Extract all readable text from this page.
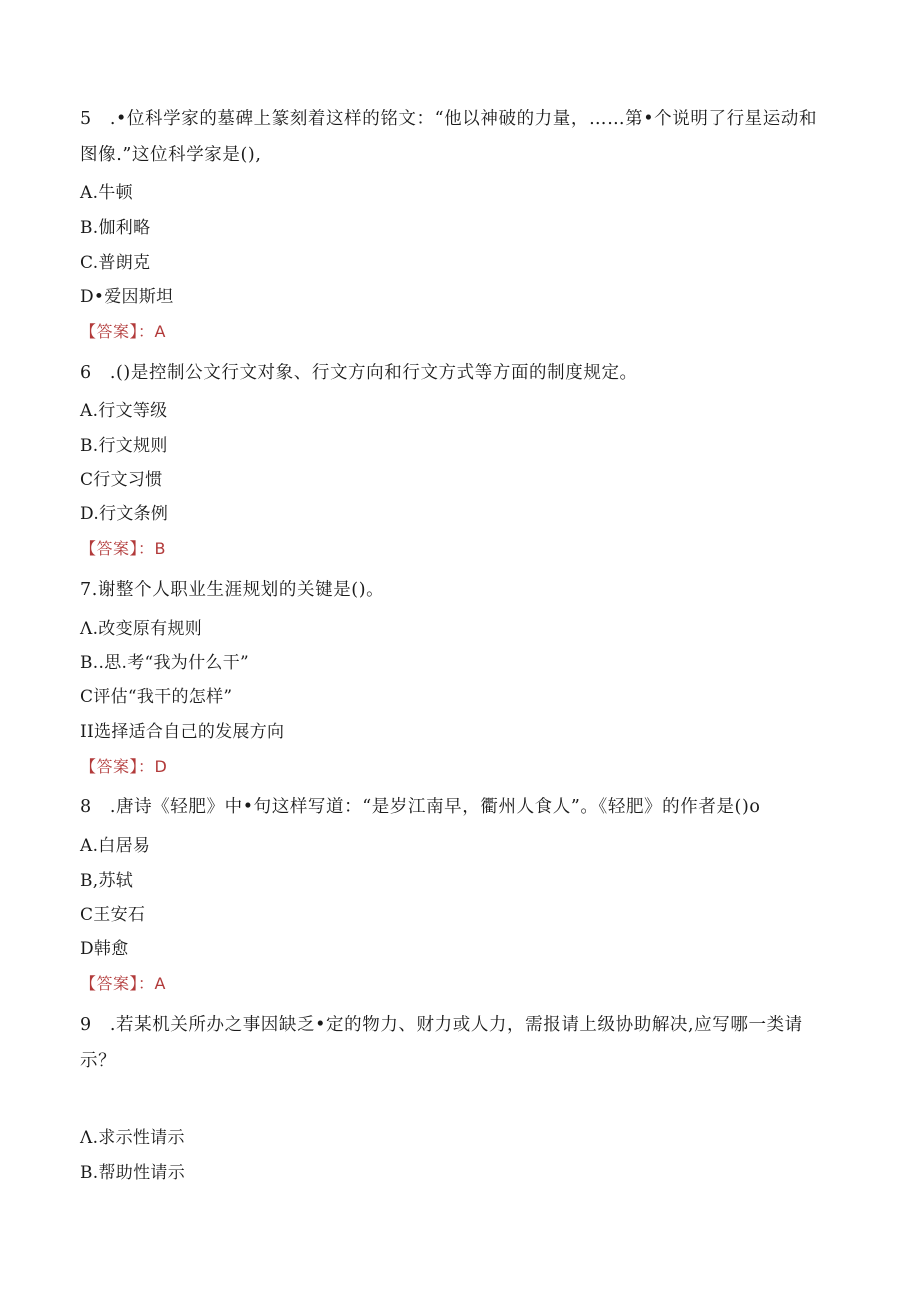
5　.•位科学家的墓碑上篆刻着这样的铭文：“他以神破的力量，……第•个说明了行星运动和
图像.”这位科学家是(),
A.牛顿
B.伽利略
C.普朗克
D•爱因斯坦
【答案】：A
6　.()是控制公文行文对象、行文方向和行文方式等方面的制度规定。
A.行文等级
B.行文规则
C行文习惯
D.行文条例
【答案】：B
7.谢整个人职业生涯规划的关键是()。
Λ.改变原有规则
B..思.考“我为什么干”
C评估“我干的怎样”
II选择适合自己的发展方向
【答案】：D
8　.唐诗《轻肥》中•句这样写道：“是岁江南早，衢州人食人”。《轻肥》的作者是()o
A.白居易
B,苏轼
C王安石
D韩愈
【答案】：A
9　.若某机关所办之事因缺乏•定的物力、财力或人力，需报请上级协助解决,应写哪一类请
示？
Λ.求示性请示
B.帮助性请示
